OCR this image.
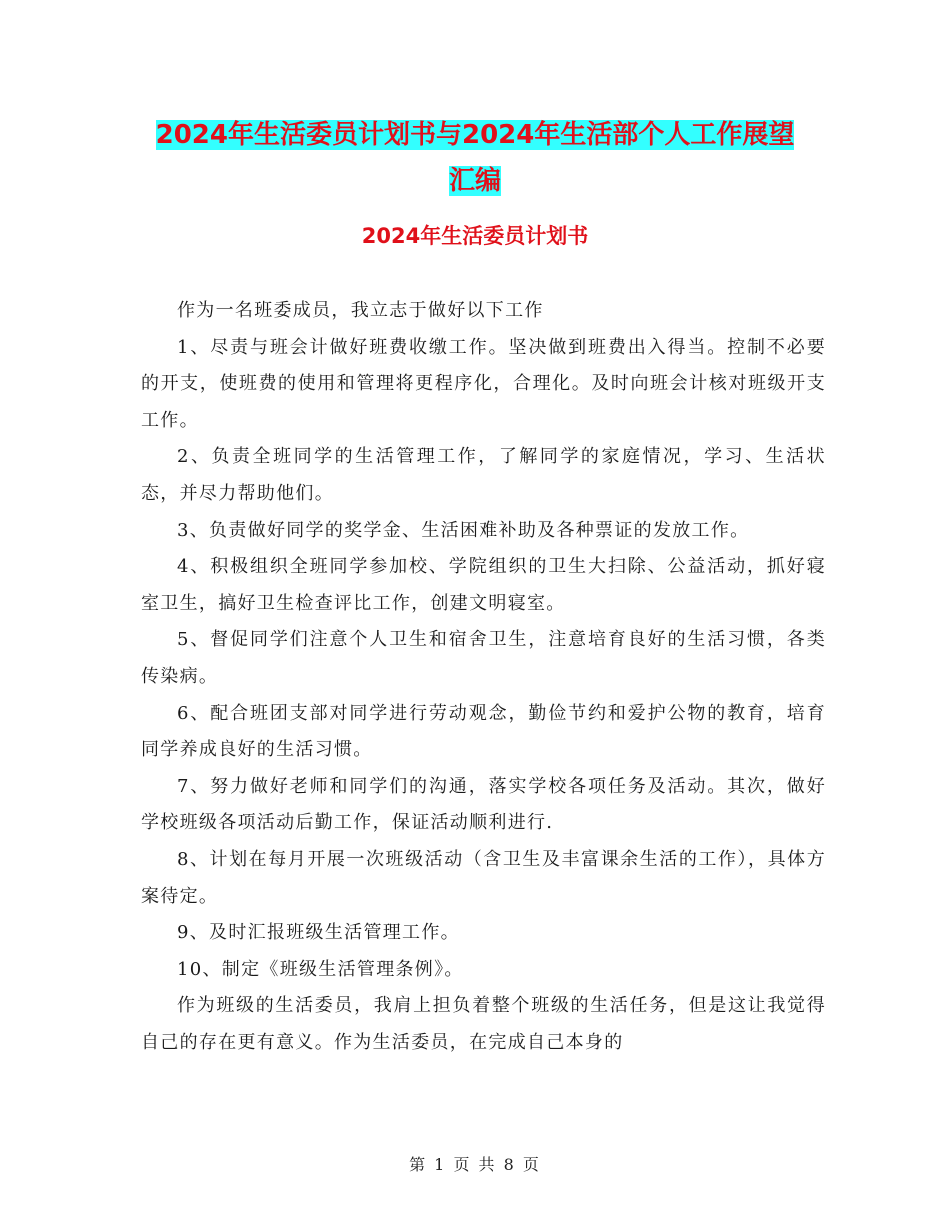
2024年生活委员计划书与2024年生活部个人工作展望
汇编
2024年生活委员计划书

作为一名班委成员，我立志于做好以下工作

1、尽责与班会计做好班费收缴工作。坚决做到班费出入得当。控制不必要的开支，使班费的使用和管理将更程序化，合理化。及时向班会计核对班级开支工作。

2、负责全班同学的生活管理工作，了解同学的家庭情况，学习、生活状态，并尽力帮助他们。

3、负责做好同学的奖学金、生活困难补助及各种票证的发放工作。

4、积极组织全班同学参加校、学院组织的卫生大扫除、公益活动，抓好寝室卫生，搞好卫生检查评比工作，创建文明寝室。

5、督促同学们注意个人卫生和宿舍卫生，注意培育良好的生活习惯，各类传染病。

6、配合班团支部对同学进行劳动观念，勤俭节约和爱护公物的教育，培育同学养成良好的生活习惯。

7、努力做好老师和同学们的沟通，落实学校各项任务及活动。其次，做好学校班级各项活动后勤工作，保证活动顺利进行.

8、计划在每月开展一次班级活动（含卫生及丰富课余生活的工作），具体方案待定。

9、及时汇报班级生活管理工作。

10、制定《班级生活管理条例》。

作为班级的生活委员，我肩上担负着整个班级的生活任务，但是这让我觉得自己的存在更有意义。作为生活委员，在完成自己本身的

第 1 页 共 8 页
